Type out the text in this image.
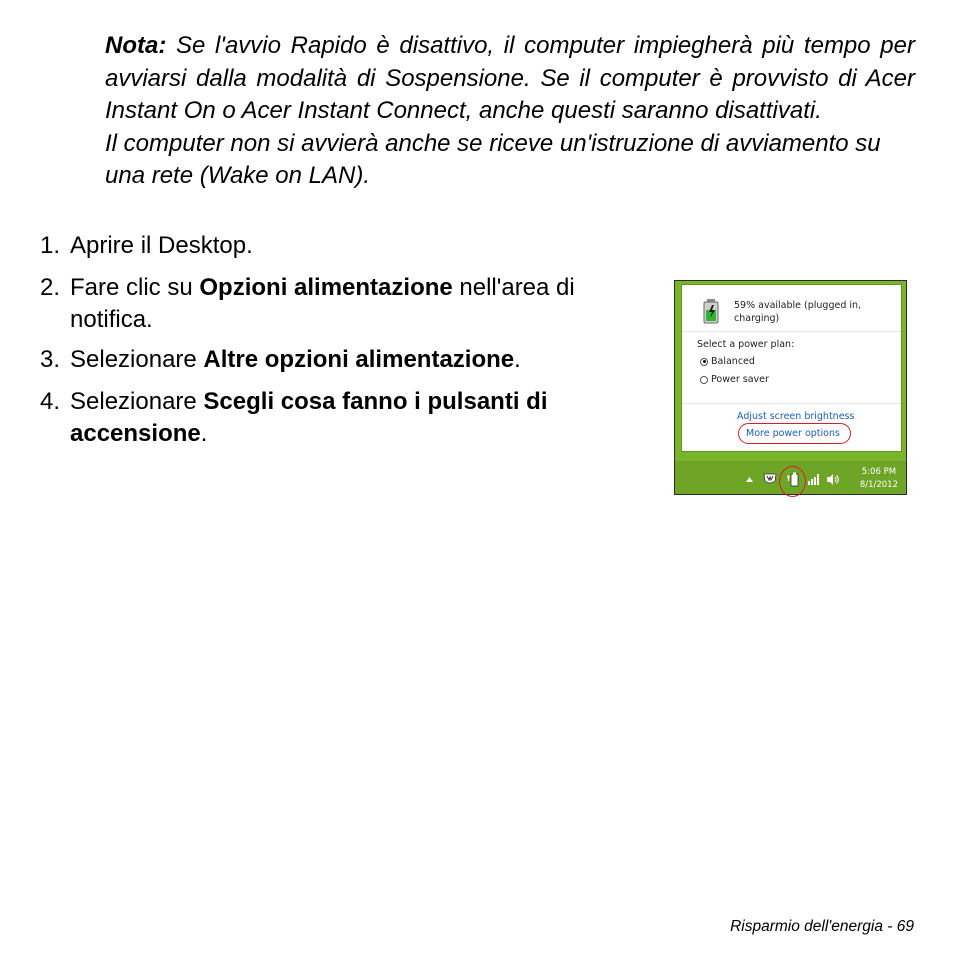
Nota: Se l'avvio Rapido è disattivo, il computer impiegherà più tempo per avviarsi dalla modalità di Sospensione. Se il computer è provvisto di Acer Instant On o Acer Instant Connect, anche questi saranno disattivati.

Il computer non si avvierà anche se riceve un'istruzione di avviamento su una rete (Wake on LAN).

1. Aprire il Desktop.
2. Fare clic su Opzioni alimentazione nell'area di notifica.
3. Selezionare Altre opzioni alimentazione.
4. Selezionare Scegli cosa fanno i pulsanti di accensione.
59% available (plugged in,
charging)
Select a power plan:
Balanced
Power saver
Adjust screen brightness
More power options
5:06 PM
8/1/2012
Risparmio dell'energia - 69
